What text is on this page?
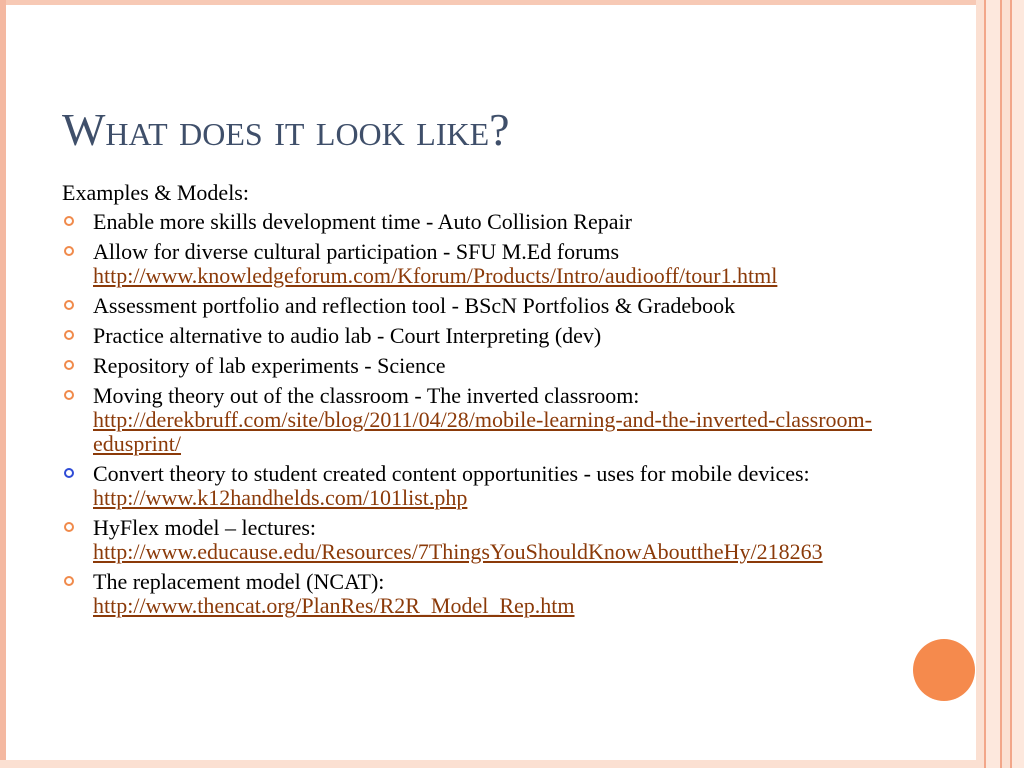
What does it look like?
Examples & Models:
Enable more skills development time - Auto Collision Repair
Allow for diverse cultural participation - SFU M.Ed forums
http://www.knowledgeforum.com/Kforum/Products/Intro/audiooff/tour1.html
Assessment portfolio and reflection tool - BScN Portfolios & Gradebook
Practice alternative to audio lab - Court Interpreting (dev)
Repository of lab experiments - Science
Moving theory out of the classroom - The inverted classroom:
http://derekbruff.com/site/blog/2011/04/28/mobile-learning-and-the-inverted-classroom-edusprint/
Convert theory to student created content opportunities - uses for mobile devices: http://www.k12handhelds.com/101list.php
HyFlex model – lectures:
http://www.educause.edu/Resources/7ThingsYouShouldKnowAbouttheHy/218263
The replacement model (NCAT):
http://www.thencat.org/PlanRes/R2R_Model_Rep.htm
